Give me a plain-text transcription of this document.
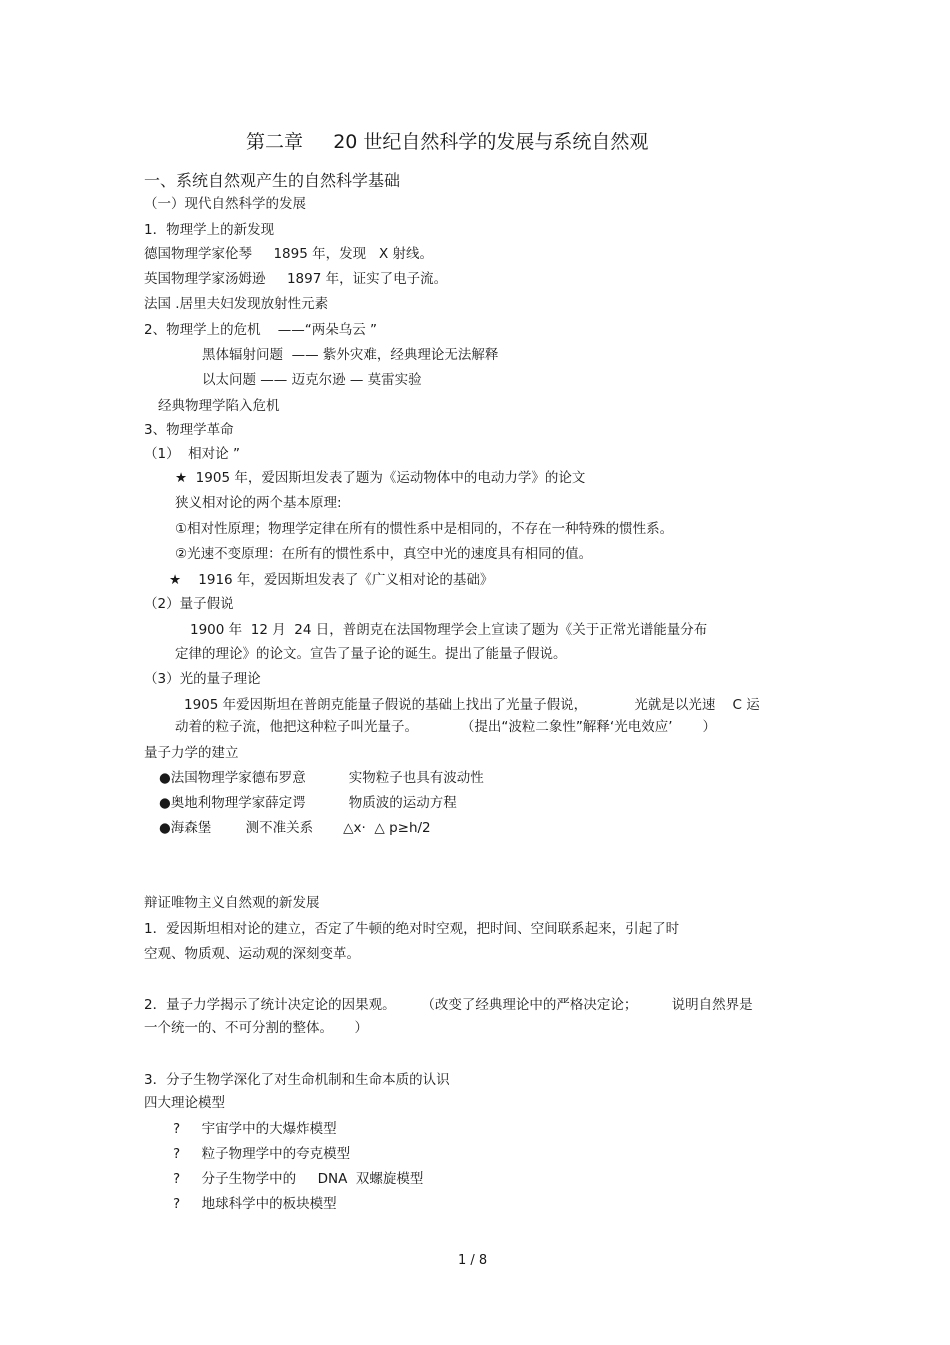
第二章     20 世纪自然科学的发展与系统自然观
一、系统自然观产生的自然科学基础
（一）现代自然科学的发展
1．物理学上的新发现
德国物理学家伦琴     1895 年，发现   X 射线。
英国物理学家汤姆逊     1897 年，证实了电子流。
法国 .居里夫妇发现放射性元素
2、物理学上的危机    ——“两朵乌云 ”
黑体辐射问题  —— 紫外灾难，经典理论无法解释
以太问题 —— 迈克尔逊 — 莫雷实验
经典物理学陷入危机
3、物理学革命
（1）  相对论 ”
★  1905 年，爱因斯坦发表了题为《运动物体中的电动力学》的论文
狭义相对论的两个基本原理:
①相对性原理；物理学定律在所有的惯性系中是相同的，不存在一种特殊的惯性系。
②光速不变原理：在所有的惯性系中，真空中光的速度具有相同的值。
★    1916 年，爱因斯坦发表了《广义相对论的基础》
（2）量子假说
1900 年  12 月  24 日，普朗克在法国物理学会上宣读了题为《关于正常光谱能量分布
定律的理论》的论文。宣告了量子论的诞生。提出了能量子假说。
（3）光的量子理论
1905 年爱因斯坦在普朗克能量子假说的基础上找出了光量子假说，           光就是以光速    C 运
动着的粒子流，他把这种粒子叫光量子。          （提出“波粒二象性”解释‘光电效应’       ）
量子力学的建立
●法国物理学家德布罗意          实物粒子也具有波动性
●奥地利物理学家薛定谔          物质波的运动方程
●海森堡        测不准关系       △x·  △ p≥h/2
辩证唯物主义自然观的新发展
1．爱因斯坦相对论的建立，否定了牛顿的绝对时空观，把时间、空间联系起来，引起了时
空观、物质观、运动观的深刻变革。
2．量子力学揭示了统计决定论的因果观。      （改变了经典理论中的严格决定论；        说明自然界是
一个统一的、不可分割的整体。     ）
3．分子生物学深化了对生命机制和生命本质的认识
四大理论模型
?     宇宙学中的大爆炸模型
?     粒子物理学中的夸克模型
?     分子生物学中的     DNA  双螺旋模型
?     地球科学中的板块模型
1 / 8
